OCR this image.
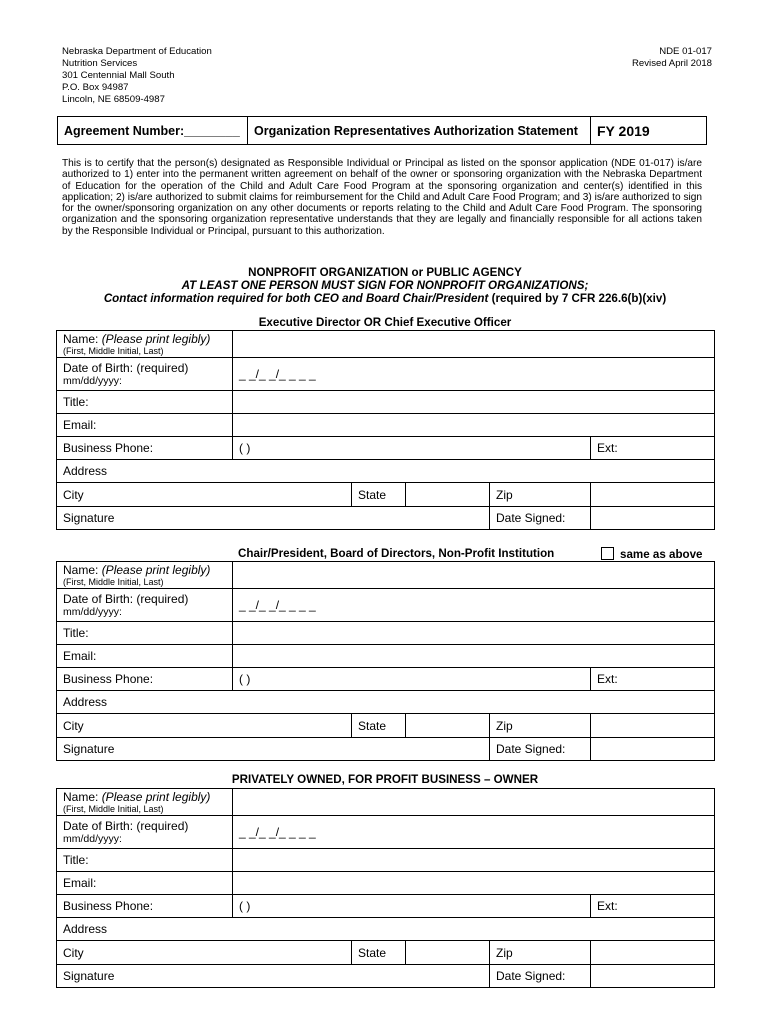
Nebraska Department of Education
Nutrition Services
301 Centennial Mall South
P.O. Box 94987
Lincoln, NE 68509-4987
NDE 01-017
Revised April 2018
Agreement Number:________	Organization Representatives Authorization Statement	FY 2019
This is to certify that the person(s) designated as Responsible Individual or Principal as listed on the sponsor application (NDE 01-017) is/are authorized to 1) enter into the permanent written agreement on behalf of the owner or sponsoring organization with the Nebraska Department of Education for the operation of the Child and Adult Care Food Program at the sponsoring organization and center(s) identified in this application; 2) is/are authorized to submit claims for reimbursement for the Child and Adult Care Food Program; and 3) is/are authorized to sign for the owner/sponsoring organization on any other documents or reports relating to the Child and Adult Care Food Program. The sponsoring organization and the sponsoring organization representative understands that they are legally and financially responsible for all actions taken by the Responsible Individual or Principal, pursuant to this authorization.
NONPROFIT ORGANIZATION or PUBLIC AGENCY
AT LEAST ONE PERSON MUST SIGN FOR NONPROFIT ORGANIZATIONS;
Contact information required for both CEO and Board Chair/President (required by 7 CFR 226.6(b)(xiv)
Executive Director OR Chief Executive Officer
Name: (Please print legibly)
(First, Middle Initial, Last)					

Date of Birth: (required)
mm/dd/yyyy:	_ _/_ _/_ _ _ _				
Title:					
Email:					
Business Phone:	( )				Ext:
Address					
City		State		Zip	
Signature				Date Signed:	
Chair/President, Board of Directors, Non-Profit Institution	same as above
Name: (Please print legibly)
(First, Middle Initial, Last)					

Date of Birth: (required)
mm/dd/yyyy:	_ _/_ _/_ _ _ _				
Title:					
Email:					
Business Phone:	( )				Ext:
Address					
City		State		Zip	
Signature				Date Signed:	
PRIVATELY OWNED, FOR PROFIT BUSINESS – OWNER
Name: (Please print legibly)
(First, Middle Initial, Last)					

Date of Birth: (required)
mm/dd/yyyy:	_ _/_ _/_ _ _ _				
Title:					
Email:					
Business Phone:	( )				Ext:
Address					
City		State		Zip	
Signature				Date Signed:	
